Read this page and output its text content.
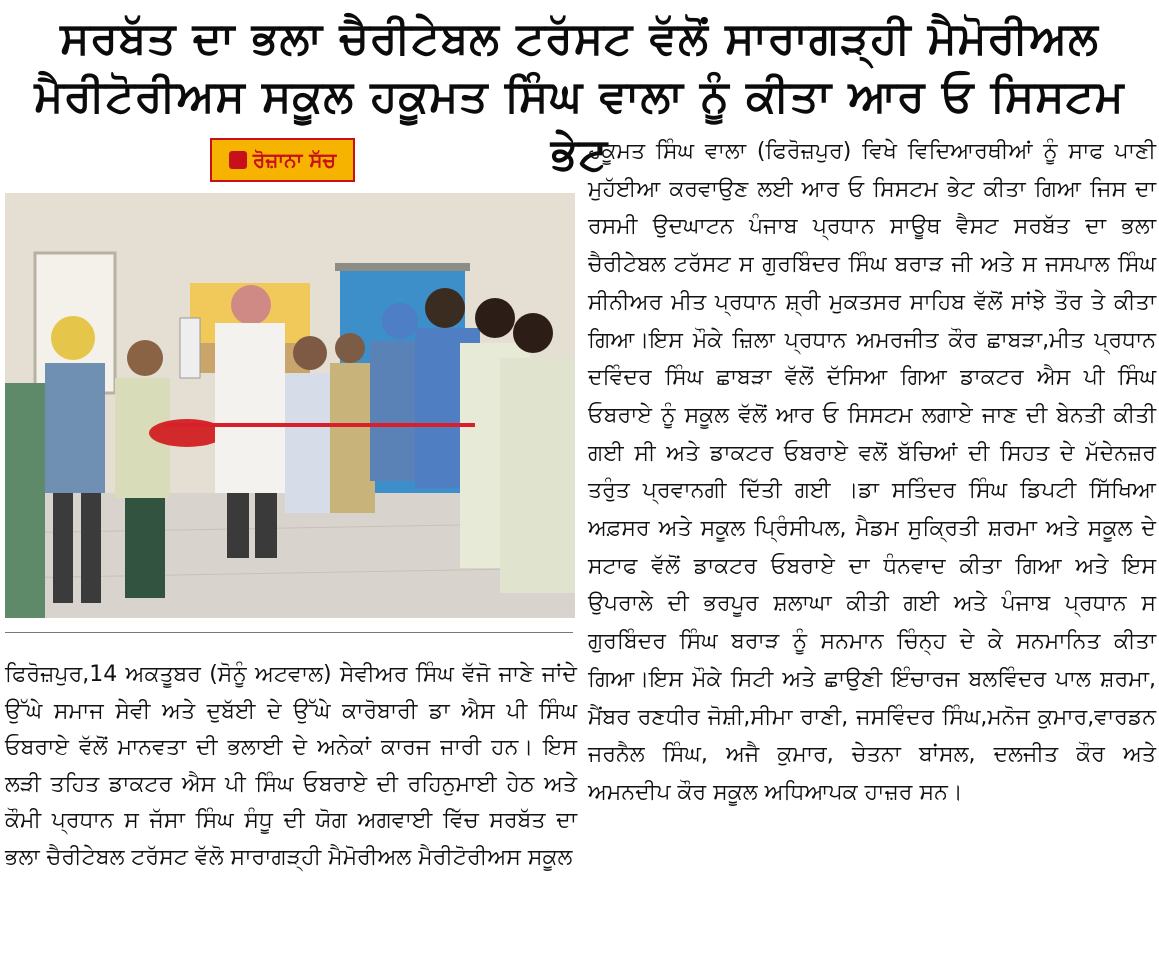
ਸਰਬੱਤ ਦਾ ਭਲਾ ਚੈਰੀਟੇਬਲ ਟਰੱਸਟ ਵੱਲੋਂ ਸਾਰਾਗੜ੍ਹੀ ਮੈਮੋਰੀਅਲ
ਮੈਰੀਟੋਰੀਅਸ ਸਕੂਲ ਹਕੂਮਤ ਸਿੰਘ ਵਾਲਾ ਨੂੰ ਕੀਤਾ ਆਰ ਓ ਸਿਸਟਮ ਭੇਟ
ਰੋਜ਼ਾਨਾ ਸੱਚ	ਹਕੂਮਤ ਸਿੰਘ ਵਾਲਾ (ਫਿਰੋਜ਼ਪੁਰ) ਵਿਖੇ ਵਿਦਿਆਰਥੀਆਂ ਨੂੰ ਸਾਫ ਪਾਣੀ ਮੁਹੱਈਆ ਕਰਵਾਉਣ ਲਈ ਆਰ ਓ ਸਿਸਟਮ ਭੇਟ ਕੀਤਾ ਗਿਆ ਜਿਸ ਦਾ ਰਸਮੀ ਉਦਘਾਟਨ ਪੰਜਾਬ ਪ੍ਰਧਾਨ ਸਾਊਥ ਵੈਸਟ ਸਰਬੱਤ ਦਾ ਭਲਾ ਚੈਰੀਟੇਬਲ ਟਰੱਸਟ ਸ ਗੁਰਬਿੰਦਰ ਸਿੰਘ ਬਰਾੜ ਜੀ ਅਤੇ ਸ ਜਸਪਾਲ ਸਿੰਘ ਸੀਨੀਅਰ ਮੀਤ ਪ੍ਰਧਾਨ ਸ਼੍ਰੀ ਮੁਕਤਸਰ ਸਾਹਿਬ ਵੱਲੋਂ ਸਾਂਝੇ ਤੌਰ ਤੇ ਕੀਤਾ ਗਿਆ।ਇਸ ਮੌਕੇ ਜ਼ਿਲਾ ਪ੍ਰਧਾਨ ਅਮਰਜੀਤ ਕੌਰ ਛਾਬੜਾ,ਮੀਤ ਪ੍ਰਧਾਨ ਦਵਿੰਦਰ ਸਿੰਘ ਛਾਬੜਾ ਵੱਲੋਂ ਦੱਸਿਆ ਗਿਆ ਡਾਕਟਰ ਐਸ ਪੀ ਸਿੰਘ ਓਬਰਾਏ ਨੂੰ ਸਕੂਲ ਵੱਲੋਂ ਆਰ ਓ ਸਿਸਟਮ ਲਗਾਏ ਜਾਣ ਦੀ ਬੇਨਤੀ ਕੀਤੀ ਗਈ ਸੀ ਅਤੇ ਡਾਕਟਰ ਓਬਰਾਏ ਵਲੋਂ ਬੱਚਿਆਂ ਦੀ ਸਿਹਤ ਦੇ ਮੱਦੇਨਜ਼ਰ ਤਰੁੰਤ ਪ੍ਰਵਾਨਗੀ ਦਿੱਤੀ ਗਈ ।ਡਾ ਸਤਿੰਦਰ ਸਿੰਘ ਡਿਪਟੀ ਸਿੱਖਿਆ ਅਫ਼ਸਰ ਅਤੇ ਸਕੂਲ ਪ੍ਰਿੰਸੀਪਲ, ਮੈਡਮ ਸੁਕ੍ਰਿਤੀ ਸ਼ਰਮਾ ਅਤੇ ਸਕੂਲ ਦੇ ਸਟਾਫ ਵੱਲੋਂ ਡਾਕਟਰ ਓਬਰਾਏ ਦਾ ਧੰਨਵਾਦ ਕੀਤਾ ਗਿਆ ਅਤੇ ਇਸ ਉਪਰਾਲੇ ਦੀ ਭਰਪੂਰ ਸ਼ਲਾਘਾ ਕੀਤੀ ਗਈ ਅਤੇ ਪੰਜਾਬ ਪ੍ਰਧਾਨ ਸ ਗੁਰਬਿੰਦਰ ਸਿੰਘ ਬਰਾੜ ਨੂੰ ਸਨਮਾਨ ਚਿੰਨ੍ਹ ਦੇ ਕੇ ਸਨਮਾਨਿਤ ਕੀਤਾ ਗਿਆ।ਇਸ ਮੌਕੇ ਸਿਟੀ ਅਤੇ ਛਾਉਣੀ ਇੰਚਾਰਜ ਬਲਵਿੰਦਰ ਪਾਲ ਸ਼ਰਮਾ, ਮੈਂਬਰ ਰਣਧੀਰ ਜੋਸ਼ੀ,ਸੀਮਾ ਰਾਣੀ, ਜਸਵਿੰਦਰ ਸਿੰਘ,ਮਨੋਜ ਕੁਮਾਰ,ਵਾਰਡਨ ਜਰਨੈਲ ਸਿੰਘ, ਅਜੈ ਕੁਮਾਰ, ਚੇਤਨਾ ਬਾਂਸਲ, ਦਲਜੀਤ ਕੌਰ ਅਤੇ ਅਮਨਦੀਪ ਕੌਰ ਸਕੂਲ ਅਧਿਆਪਕ ਹਾਜ਼ਰ ਸਨ।
ਫਿਰੋਜ਼ਪੁਰ,14 ਅਕਤੂਬਰ (ਸੋਨੂੰ ਅਟਵਾਲ) ਸੇਵੀਅਰ ਸਿੰਘ ਵੱਜੋ ਜਾਣੇ ਜਾਂਦੇ ਉੱਘੇ ਸਮਾਜ ਸੇਵੀ ਅਤੇ ਦੁਬੱਈ ਦੇ ਉੱਘੇ ਕਾਰੋਬਾਰੀ ਡਾ ਐਸ ਪੀ ਸਿੰਘ ਓਬਰਾਏ ਵੱਲੋਂ ਮਾਨਵਤਾ ਦੀ ਭਲਾਈ ਦੇ ਅਨੇਕਾਂ ਕਾਰਜ ਜਾਰੀ ਹਨ। ਇਸ ਲੜੀ ਤਹਿਤ ਡਾਕਟਰ ਐਸ ਪੀ ਸਿੰਘ ਓਬਰਾਏ ਦੀ ਰਹਿਨੁਮਾਈ ਹੇਠ ਅਤੇ ਕੌਮੀ ਪ੍ਰਧਾਨ ਸ ਜੱਸਾ ਸਿੰਘ ਸੰਧੂ ਦੀ ਯੋਗ ਅਗਵਾਈ ਵਿੱਚ ਸਰਬੱਤ ਦਾ ਭਲਾ ਚੈਰੀਟੇਬਲ ਟਰੱਸਟ ਵੱਲੋ ਸਾਰਾਗੜ੍ਹੀ ਮੈਮੋਰੀਅਲ ਮੈਰੀਟੋਰੀਅਸ ਸਕੂਲ
